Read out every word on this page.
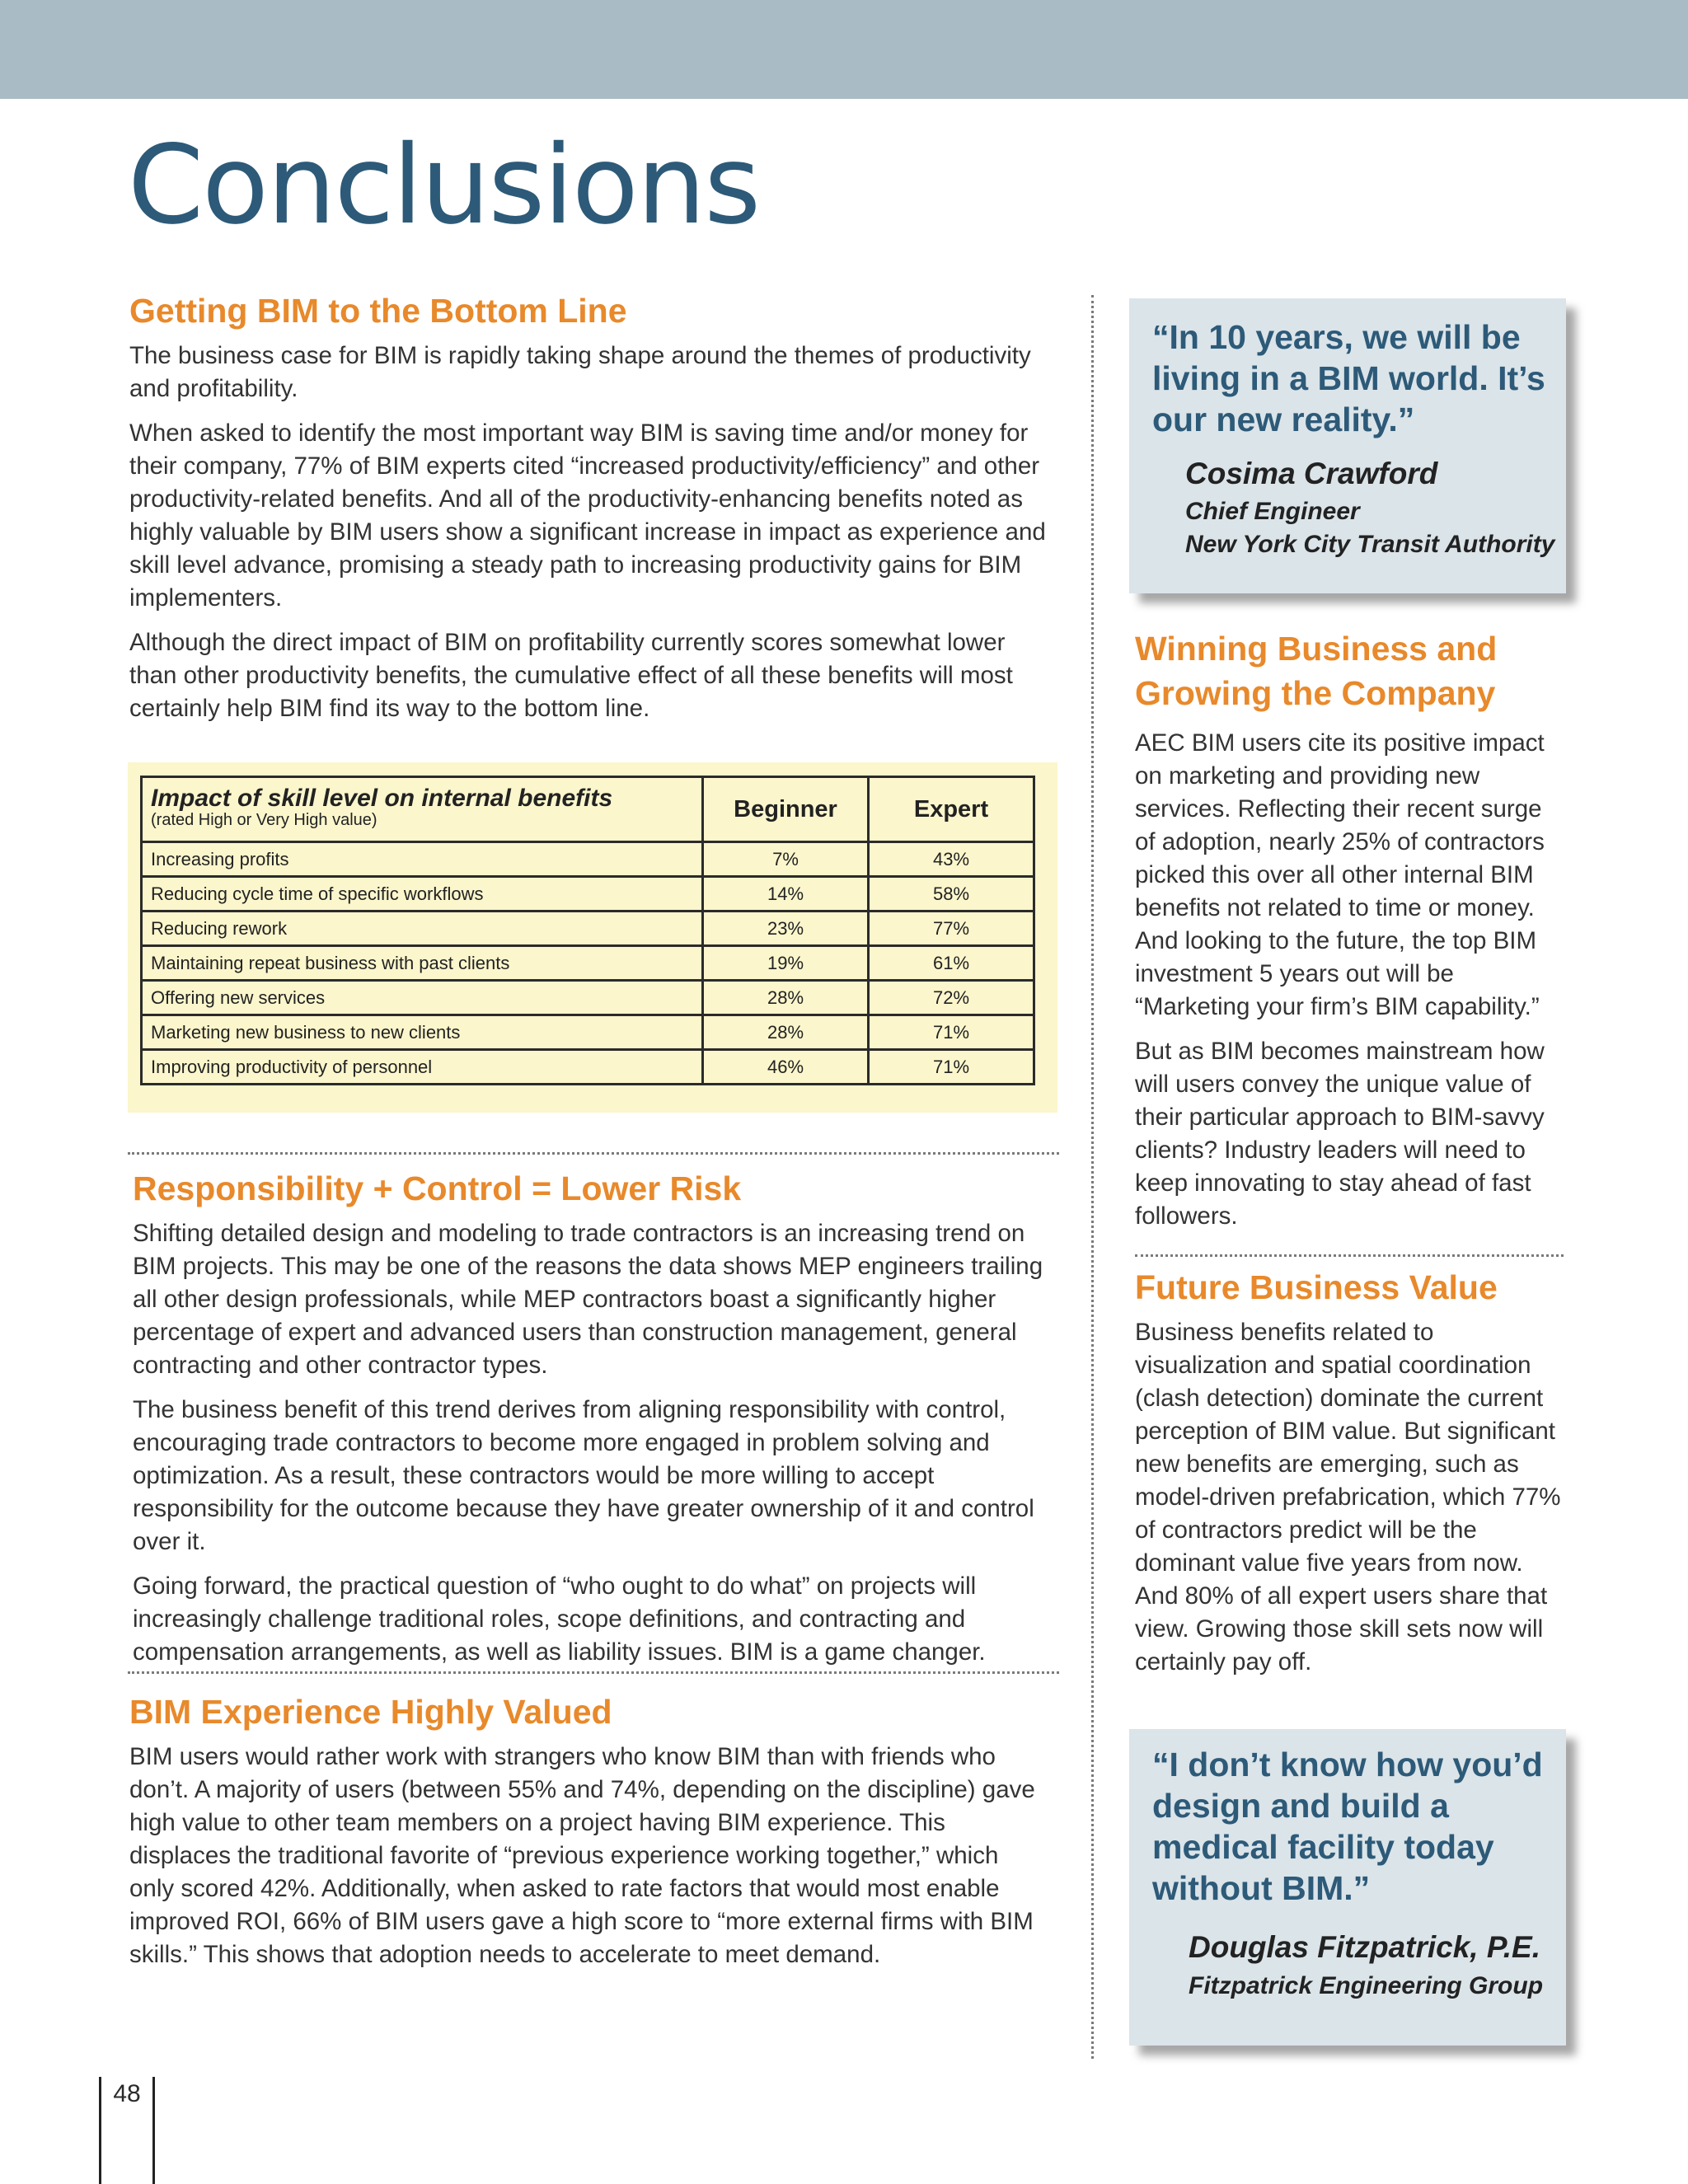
Conclusions
Getting BIM to the Bottom Line

The business case for BIM is rapidly taking shape around the themes of productivity and profitability.

When asked to identify the most important way BIM is saving time and/or money for their company, 77% of BIM experts cited “increased productivity/efficiency” and other productivity-related benefits. And all of the productivity-enhancing benefits noted as highly valuable by BIM users show a significant increase in impact as experience and skill level advance, promising a steady path to increasing productivity gains for BIM implementers.

Although the direct impact of BIM on profitability currently scores somewhat lower than other productivity benefits, the cumulative effect of all these benefits will most certainly help BIM find its way to the bottom line.

Impact of skill level on internal benefits
(rated High or Very High value)	Beginner	Expert
Increasing profits	7%	43%
Reducing cycle time of specific workflows	14%	58%
Reducing rework	23%	77%
Maintaining repeat business with past clients	19%	61%
Offering new services	28%	72%
Marketing new business to new clients	28%	71%
Improving productivity of personnel	46%	71%
Responsibility + Control = Lower Risk

Shifting detailed design and modeling to trade contractors is an increasing trend on BIM projects. This may be one of the reasons the data shows MEP engineers trailing all other design professionals, while MEP contractors boast a significantly higher percentage of expert and advanced users than construction management, general contracting and other contractor types.

The business benefit of this trend derives from aligning responsibility with control, encouraging trade contractors to become more engaged in problem solving and optimization. As a result, these contractors would be more willing to accept responsibility for the outcome because they have greater ownership of it and control over it.

Going forward, the practical question of “who ought to do what” on projects will increasingly challenge traditional roles, scope definitions, and contracting and compensation arrangements, as well as liability issues. BIM is a game changer.

BIM Experience Highly Valued

BIM users would rather work with strangers who know BIM than with friends who don’t. A majority of users (between 55% and 74%, depending on the discipline) gave high value to other team members on a project having BIM experience. This displaces the traditional favorite of “previous experience working together,” which only scored 42%. Additionally, when asked to rate factors that would most enable improved ROI, 66% of BIM users gave a high score to “more external firms with BIM skills.” This shows that adoption needs to accelerate to meet demand.

“In 10 years, we will be
living in a BIM world. It’s
our new reality.”
Cosima Crawford
Chief Engineer
New York City Transit Authority
Winning Business and
Growing the Company

AEC BIM users cite its positive impact on marketing and providing new services. Reflecting their recent surge of adoption, nearly 25% of contractors picked this over all other internal BIM benefits not related to time or money. And looking to the future, the top BIM investment 5 years out will be “Marketing your firm’s BIM capability.”

But as BIM becomes mainstream how will users convey the unique value of their particular approach to BIM-savvy clients? Industry leaders will need to keep innovating to stay ahead of fast followers.

Future Business Value

Business benefits related to visualization and spatial coordination (clash detection) dominate the current perception of BIM value. But significant new benefits are emerging, such as model-driven prefabrication, which 77% of contractors predict will be the dominant value five years from now. And 80% of all expert users share that view. Growing those skill sets now will certainly pay off.

“I don’t know how you’d
design and build a
medical facility today
without BIM.”
Douglas Fitzpatrick, P.E.
Fitzpatrick Engineering Group
48
